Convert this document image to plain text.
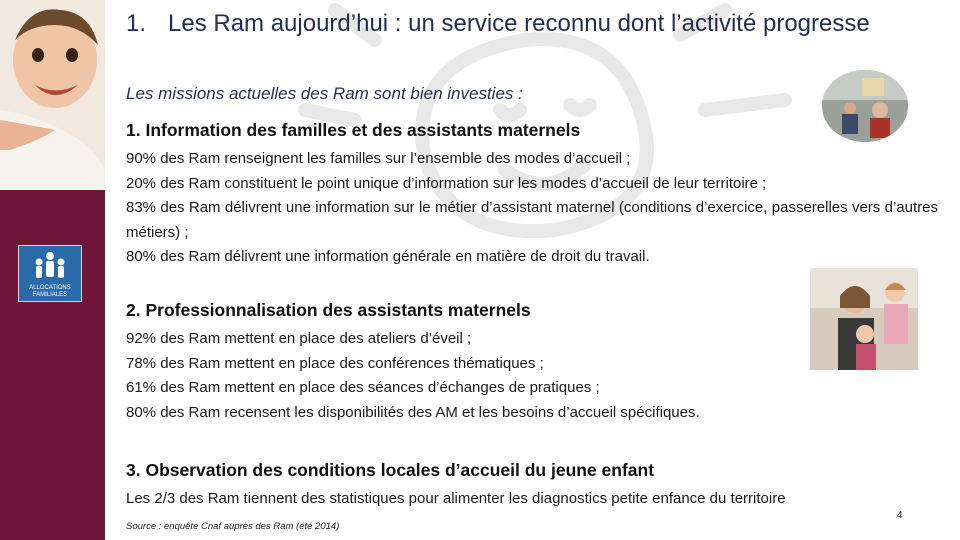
ALLOCATIONS FAMILIALES
1. Les Ram aujourd’hui : un service reconnu dont l’activité progresse

Les missions actuelles des Ram sont bien investies :

1. Information des familles et des assistants maternels

90% des Ram renseignent les familles sur l’ensemble des modes d’accueil ;

20% des Ram constituent le point unique d’information sur les modes d’accueil de leur territoire ;

83% des Ram délivrent une information sur le métier d’assistant maternel (conditions d’exercice, passerelles vers d’autres métiers) ;

80% des Ram délivrent une information générale en matière de droit du travail.

2. Professionnalisation des assistants maternels

92% des Ram mettent en place des ateliers d’éveil ;

78% des Ram mettent en place des conférences thématiques ;

61% des Ram mettent en place des séances d’échanges de pratiques ;

80% des Ram recensent les disponibilités des AM et les besoins d’accueil spécifiques.

3. Observation des conditions locales d’accueil du jeune enfant

Les 2/3 des Ram tiennent des statistiques pour alimenter les diagnostics petite enfance du territoire

Source : enquête Cnaf auprès des Ram (été 2014)
4
